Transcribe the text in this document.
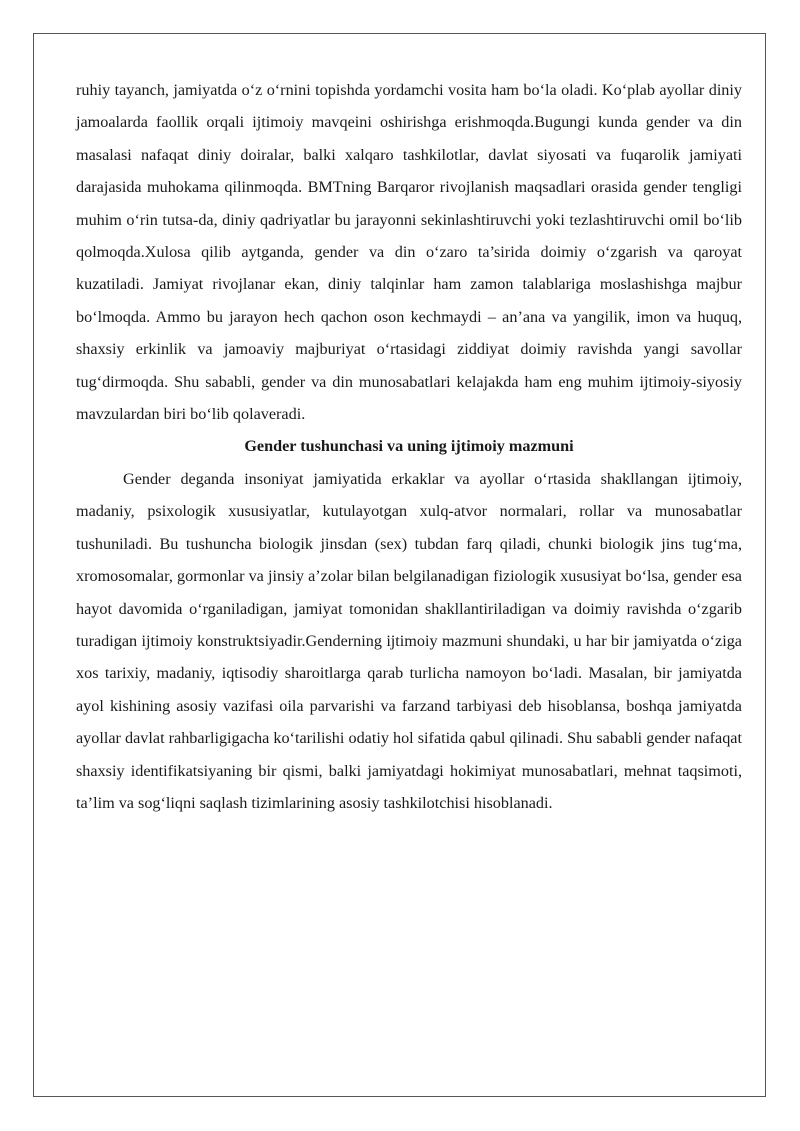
ruhiy tayanch, jamiyatda o‘z o‘rnini topishda yordamchi vosita ham bo‘la oladi. Ko‘plab ayollar diniy jamoalarda faollik orqali ijtimoiy mavqeini oshirishga erishmoqda.Bugungi kunda gender va din masalasi nafaqat diniy doiralar, balki xalqaro tashkilotlar, davlat siyosati va fuqarolik jamiyati darajasida muhokama qilinmoqda. BMTning Barqaror rivojlanish maqsadlari orasida gender tengligi muhim o‘rin tutsa-da, diniy qadriyatlar bu jarayonni sekinlashtiruvchi yoki tezlashtiruvchi omil bo‘lib qolmoqda.Xulosa qilib aytganda, gender va din o‘zaro ta’sirida doimiy o‘zgarish va qaroyat kuzatiladi. Jamiyat rivojlanar ekan, diniy talqinlar ham zamon talablariga moslashishga majbur bo‘lmoqda. Ammo bu jarayon hech qachon oson kechmaydi – an’ana va yangilik, imon va huquq, shaxsiy erkinlik va jamoaviy majburiyat o‘rtasidagi ziddiyat doimiy ravishda yangi savollar tug‘dirmoqda. Shu sababli, gender va din munosabatlari kelajakda ham eng muhim ijtimoiy-siyosiy mavzulardan biri bo‘lib qolaveradi.

Gender tushunchasi va uning ijtimoiy mazmuni

Gender deganda insoniyat jamiyatida erkaklar va ayollar o‘rtasida shakllangan ijtimoiy, madaniy, psixologik xususiyatlar, kutulayotgan xulq-atvor normalari, rollar va munosabatlar tushuniladi. Bu tushuncha biologik jinsdan (sex) tubdan farq qiladi, chunki biologik jins tug‘ma, xromosomalar, gormonlar va jinsiy a’zolar bilan belgilanadigan fiziologik xususiyat bo‘lsa, gender esa hayot davomida o‘rganiladigan, jamiyat tomonidan shakllantiriladigan va doimiy ravishda o‘zgarib turadigan ijtimoiy konstruktsiyadir.Genderning ijtimoiy mazmuni shundaki, u har bir jamiyatda o‘ziga xos tarixiy, madaniy, iqtisodiy sharoitlarga qarab turlicha namoyon bo‘ladi. Masalan, bir jamiyatda ayol kishining asosiy vazifasi oila parvarishi va farzand tarbiyasi deb hisoblansa, boshqa jamiyatda ayollar davlat rahbarligigacha ko‘tarilishi odatiy hol sifatida qabul qilinadi. Shu sababli gender nafaqat shaxsiy identifikatsiyaning bir qismi, balki jamiyatdagi hokimiyat munosabatlari, mehnat taqsimoti, ta’lim va sog‘liqni saqlash tizimlarining asosiy tashkilotchisi hisoblanadi.
